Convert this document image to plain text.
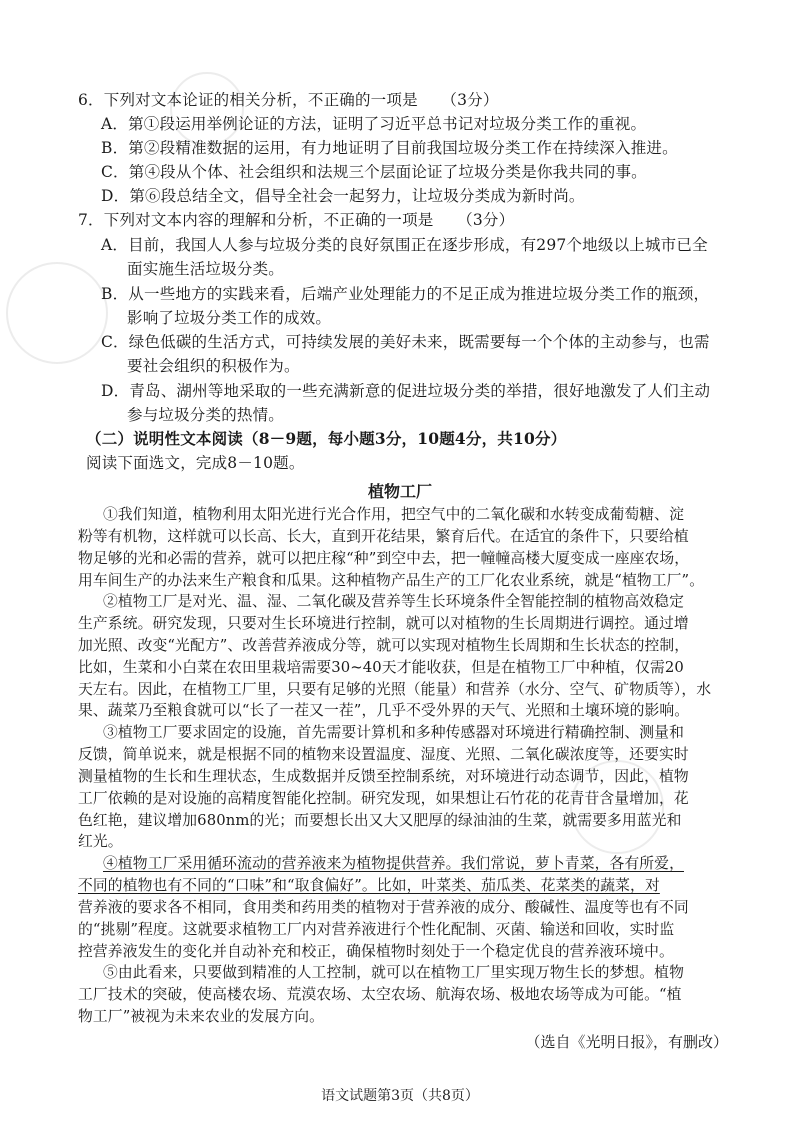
6．下列对文本论证的相关分析，不正确的一项是　　（3分）
A．第①段运用举例论证的方法，证明了习近平总书记对垃圾分类工作的重视。
B．第②段精准数据的运用，有力地证明了目前我国垃圾分类工作在持续深入推进。
C．第④段从个体、社会组织和法规三个层面论证了垃圾分类是你我共同的事。
D．第⑥段总结全文，倡导全社会一起努力，让垃圾分类成为新时尚。
7．下列对文本内容的理解和分析，不正确的一项是　　（3分）
A．目前，我国人人参与垃圾分类的良好氛围正在逐步形成，有297个地级以上城市已全
面实施生活垃圾分类。
B．从一些地方的实践来看，后端产业处理能力的不足正成为推进垃圾分类工作的瓶颈，
影响了垃圾分类工作的成效。
C．绿色低碳的生活方式，可持续发展的美好未来，既需要每一个个体的主动参与，也需
要社会组织的积极作为。
D．青岛、湖州等地采取的一些充满新意的促进垃圾分类的举措，很好地激发了人们主动
参与垃圾分类的热情。
（二）说明性文本阅读（8－9题，每小题3分，10题4分，共10分）
阅读下面选文，完成8－10题。
植物工厂
①我们知道，植物利用太阳光进行光合作用，把空气中的二氧化碳和水转变成葡萄糖、淀
粉等有机物，这样就可以长高、长大，直到开花结果，繁育后代。在适宜的条件下，只要给植
物足够的光和必需的营养，就可以把庄稼“种”到空中去，把一幢幢高楼大厦变成一座座农场，
用车间生产的办法来生产粮食和瓜果。这种植物产品生产的工厂化农业系统，就是“植物工厂”。
②植物工厂是对光、温、湿、二氧化碳及营养等生长环境条件全智能控制的植物高效稳定
生产系统。研究发现，只要对生长环境进行控制，就可以对植物的生长周期进行调控。通过增
加光照、改变“光配方”、改善营养液成分等，就可以实现对植物生长周期和生长状态的控制，
比如，生菜和小白菜在农田里栽培需要30~40天才能收获，但是在植物工厂中种植，仅需20
天左右。因此，在植物工厂里，只要有足够的光照（能量）和营养（水分、空气、矿物质等），水
果、蔬菜乃至粮食就可以“长了一茬又一茬”，几乎不受外界的天气、光照和土壤环境的影响。
③植物工厂要求固定的设施，首先需要计算机和多种传感器对环境进行精确控制、测量和
反馈，简单说来，就是根据不同的植物来设置温度、湿度、光照、二氧化碳浓度等，还要实时
测量植物的生长和生理状态，生成数据并反馈至控制系统，对环境进行动态调节，因此，植物
工厂依赖的是对设施的高精度智能化控制。研究发现，如果想让石竹花的花青苷含量增加，花
色红艳，建议增加680nm的光；而要想长出又大又肥厚的绿油油的生菜，就需要多用蓝光和
红光。
④植物工厂采用循环流动的营养液来为植物提供营养。我们常说，萝卜青菜，各有所爱，
不同的植物也有不同的“口味”和“取食偏好”。比如，叶菜类、茄瓜类、花菜类的蔬菜，对
营养液的要求各不相同，食用类和药用类的植物对于营养液的成分、酸碱性、温度等也有不同
的“挑剔”程度。这就要求植物工厂内对营养液进行个性化配制、灭菌、输送和回收，实时监
控营养液发生的变化并自动补充和校正，确保植物时刻处于一个稳定优良的营养液环境中。
⑤由此看来，只要做到精准的人工控制，就可以在植物工厂里实现万物生长的梦想。植物
工厂技术的突破，使高楼农场、荒漠农场、太空农场、航海农场、极地农场等成为可能。“植
物工厂”被视为未来农业的发展方向。
（选自《光明日报》，有删改）
语文试题第3页（共8页）
